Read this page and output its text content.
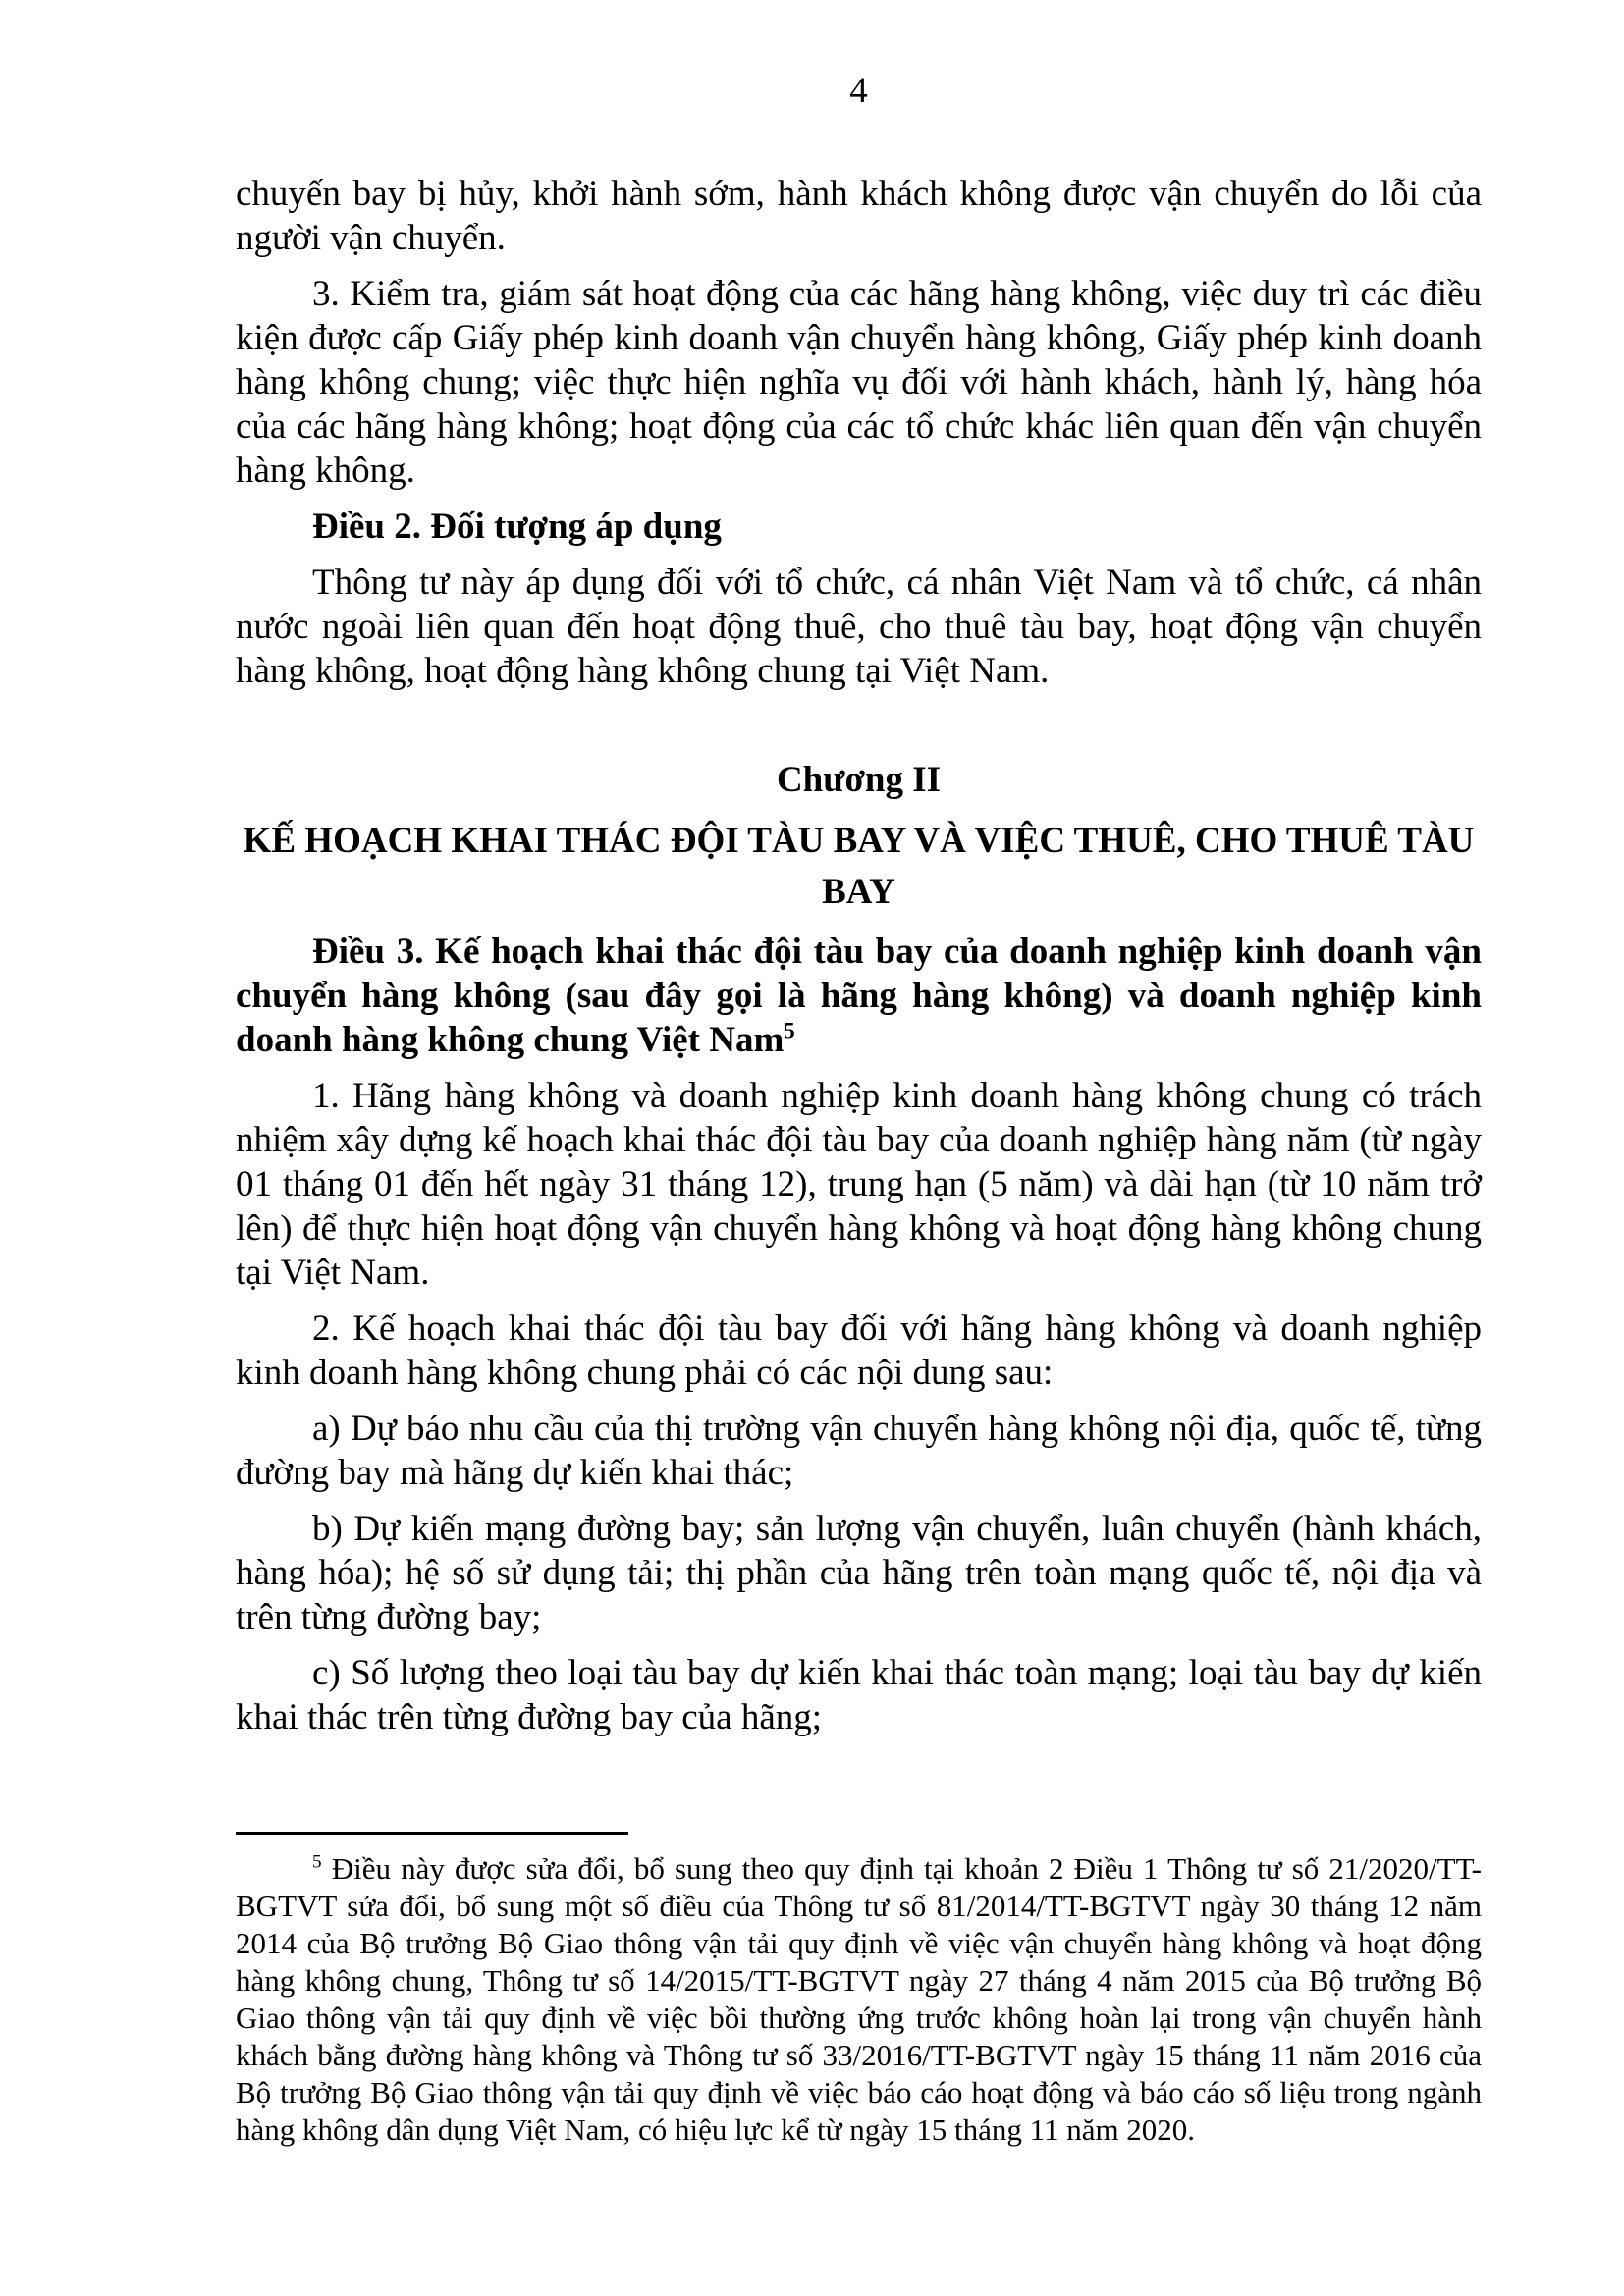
4

chuyến bay bị hủy, khởi hành sớm, hành khách không được vận chuyển do lỗi của người vận chuyển.

3. Kiểm tra, giám sát hoạt động của các hãng hàng không, việc duy trì các điều kiện được cấp Giấy phép kinh doanh vận chuyển hàng không, Giấy phép kinh doanh hàng không chung; việc thực hiện nghĩa vụ đối với hành khách, hành lý, hàng hóa của các hãng hàng không; hoạt động của các tổ chức khác liên quan đến vận chuyển hàng không.

Điều 2. Đối tượng áp dụng

Thông tư này áp dụng đối với tổ chức, cá nhân Việt Nam và tổ chức, cá nhân nước ngoài liên quan đến hoạt động thuê, cho thuê tàu bay, hoạt động vận chuyển hàng không, hoạt động hàng không chung tại Việt Nam.

Chương II

KẾ HOẠCH KHAI THÁC ĐỘI TÀU BAY VÀ VIỆC THUÊ, CHO THUÊ TÀU BAY

Điều 3. Kế hoạch khai thác đội tàu bay của doanh nghiệp kinh doanh vận chuyển hàng không (sau đây gọi là hãng hàng không) và doanh nghiệp kinh doanh hàng không chung Việt Nam$^5$

1. Hãng hàng không và doanh nghiệp kinh doanh hàng không chung có trách nhiệm xây dựng kế hoạch khai thác đội tàu bay của doanh nghiệp hàng năm (từ ngày 01 tháng 01 đến hết ngày 31 tháng 12), trung hạn (5 năm) và dài hạn (từ 10 năm trở lên) để thực hiện hoạt động vận chuyển hàng không và hoạt động hàng không chung tại Việt Nam.

2. Kế hoạch khai thác đội tàu bay đối với hãng hàng không và doanh nghiệp kinh doanh hàng không chung phải có các nội dung sau:

a) Dự báo nhu cầu của thị trường vận chuyển hàng không nội địa, quốc tế, từng đường bay mà hãng dự kiến khai thác;

b) Dự kiến mạng đường bay; sản lượng vận chuyển, luân chuyển (hành khách, hàng hóa); hệ số sử dụng tải; thị phần của hãng trên toàn mạng quốc tế, nội địa và trên từng đường bay;

c) Số lượng theo loại tàu bay dự kiến khai thác toàn mạng; loại tàu bay dự kiến khai thác trên từng đường bay của hãng;

$^5$ Điều này được sửa đổi, bổ sung theo quy định tại khoản 2 Điều 1 Thông tư số 21/2020/TT-BGTVT sửa đổi, bổ sung một số điều của Thông tư số 81/2014/TT-BGTVT ngày 30 tháng 12 năm 2014 của Bộ trưởng Bộ Giao thông vận tải quy định về việc vận chuyển hàng không và hoạt động hàng không chung, Thông tư số 14/2015/TT-BGTVT ngày 27 tháng 4 năm 2015 của Bộ trưởng Bộ Giao thông vận tải quy định về việc bồi thường ứng trước không hoàn lại trong vận chuyển hành khách bằng đường hàng không và Thông tư số 33/2016/TT-BGTVT ngày 15 tháng 11 năm 2016 của Bộ trưởng Bộ Giao thông vận tải quy định về việc báo cáo hoạt động và báo cáo số liệu trong ngành hàng không dân dụng Việt Nam, có hiệu lực kể từ ngày 15 tháng 11 năm 2020.
